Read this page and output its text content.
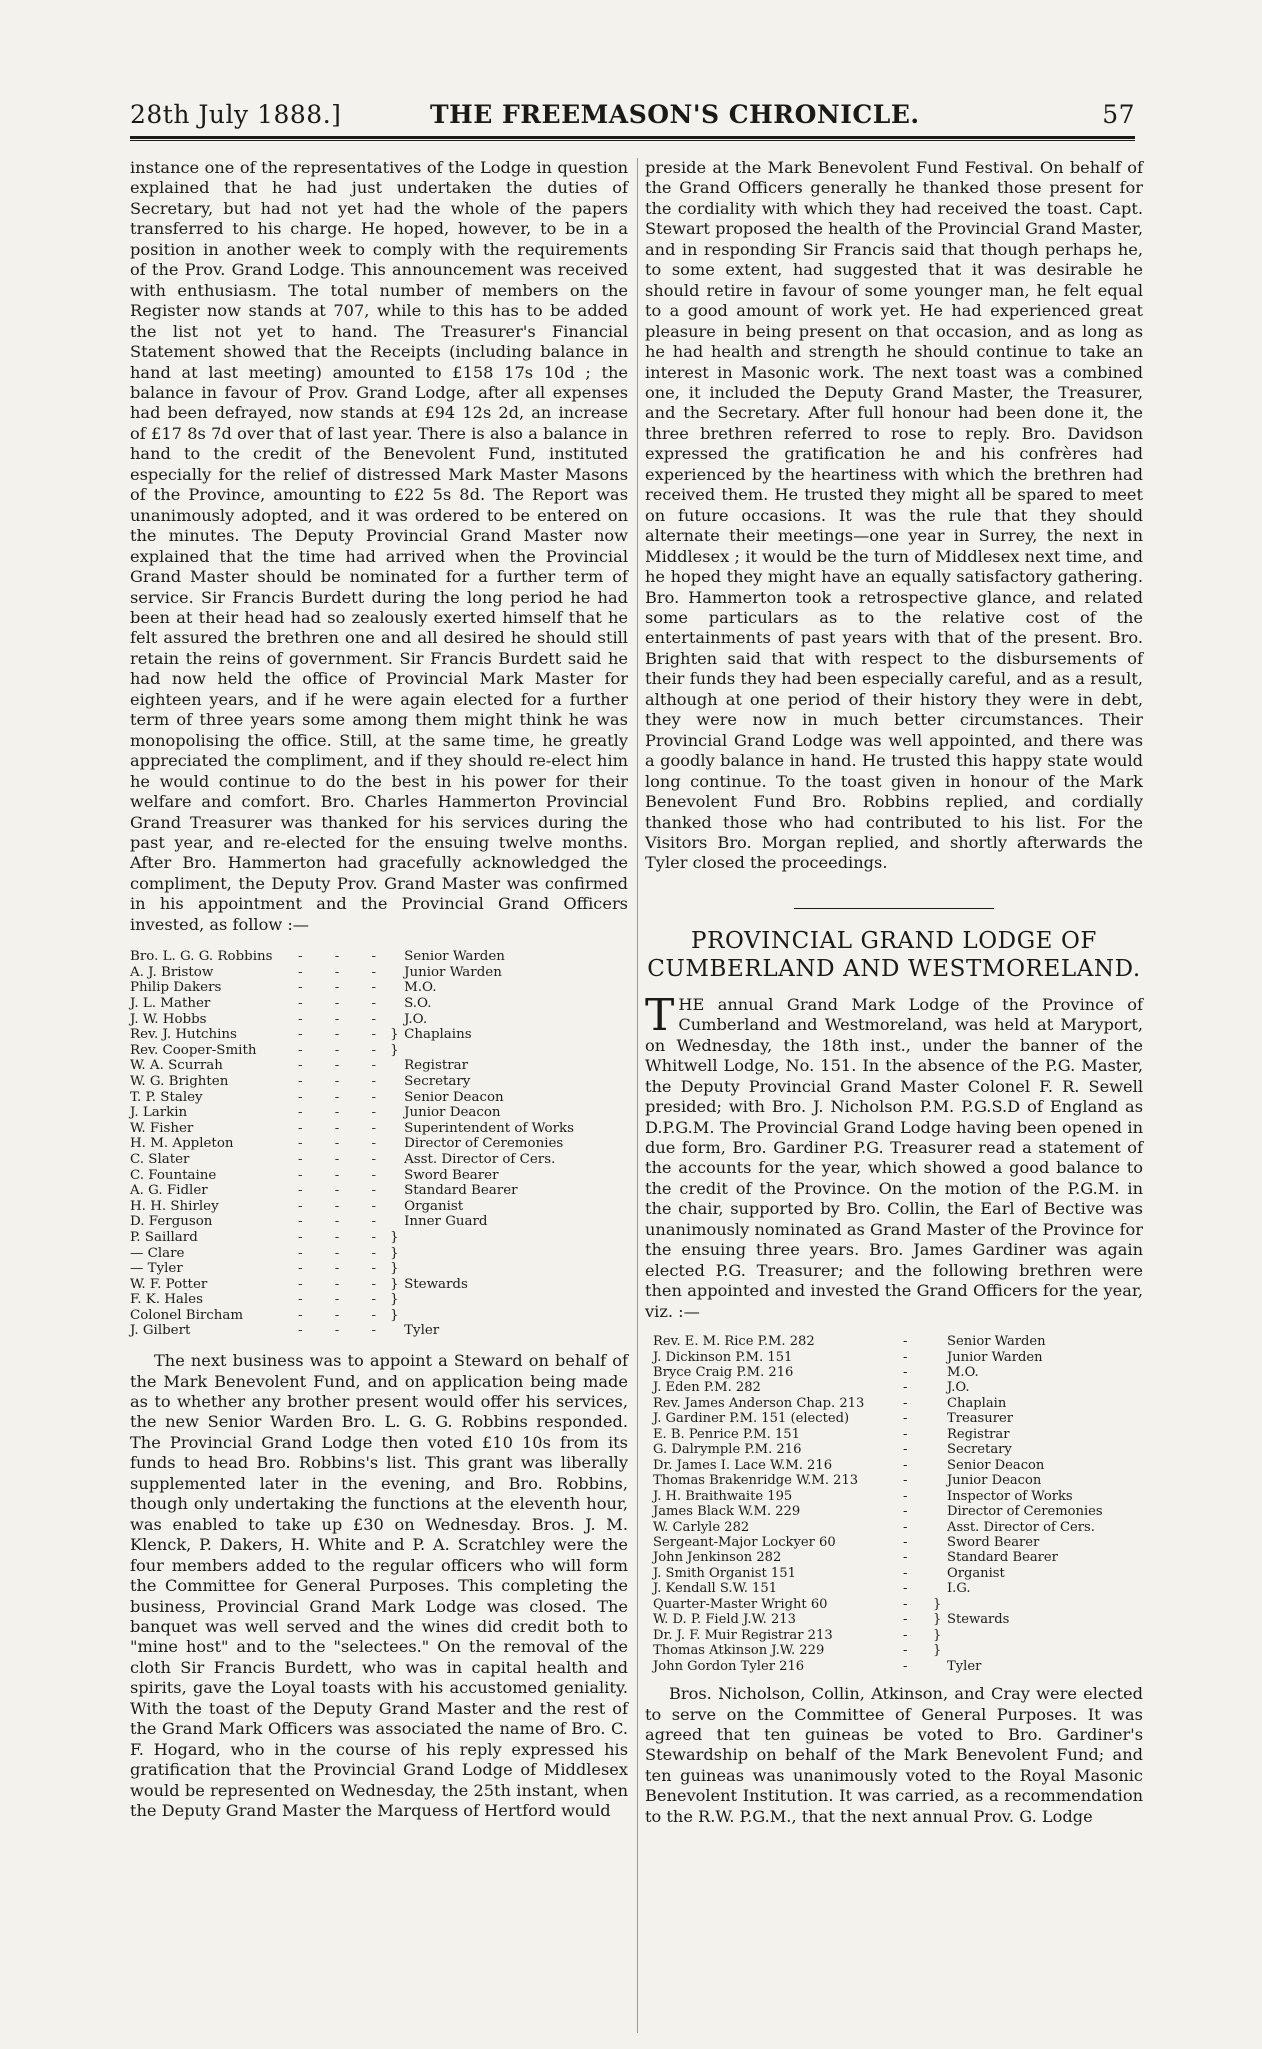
28th July 1888.]	THE FREEMASON'S CHRONICLE.	57

instance one of the representatives of the Lodge in question explained that he had just undertaken the duties of Secretary, but had not yet had the whole of the papers transferred to his charge. He hoped, however, to be in a position in another week to comply with the requirements of the Prov. Grand Lodge. This announcement was received with enthusiasm. The total number of members on the Register now stands at 707, while to this has to be added the list not yet to hand. The Treasurer's Financial Statement showed that the Receipts (including balance in hand at last meeting) amounted to £158 17s 10d ; the balance in favour of Prov. Grand Lodge, after all expenses had been defrayed, now stands at £94 12s 2d, an increase of £17 8s 7d over that of last year. There is also a balance in hand to the credit of the Benevolent Fund, instituted especially for the relief of distressed Mark Master Masons of the Province, amounting to £22 5s 8d. The Report was unanimously adopted, and it was ordered to be entered on the minutes. The Deputy Provincial Grand Master now explained that the time had arrived when the Provincial Grand Master should be nominated for a further term of service. Sir Francis Burdett during the long period he had been at their head had so zealously exerted himself that he felt assured the brethren one and all desired he should still retain the reins of government. Sir Francis Burdett said he had now held the office of Provincial Mark Master for eighteen years, and if he were again elected for a further term of three years some among them might think he was monopolising the office. Still, at the same time, he greatly appreciated the compliment, and if they should re-elect him he would continue to do the best in his power for their welfare and comfort. Bro. Charles Hammerton Provincial Grand Treasurer was thanked for his services during the past year, and re-elected for the ensuing twelve months. After Bro. Hammerton had gracefully acknowledged the compliment, the Deputy Prov. Grand Master was confirmed in his appointment and the Provincial Grand Officers invested, as follow :—

Bro. L. G. G. Robbins	- - -		Senior Warden
A. J. Bristow	- - -		Junior Warden
Philip Dakers	- - -		M.O.
J. L. Mather	- - -		S.O.
J. W. Hobbs	- - -		J.O.
Rev. J. Hutchins	- - -	}	Chaplains
Rev. Cooper-Smith	- - -	}	
W. A. Scurrah	- - -		Registrar
W. G. Brighten	- - -		Secretary
T. P. Staley	- - -		Senior Deacon
J. Larkin	- - -		Junior Deacon
W. Fisher	- - -		Superintendent of Works
H. M. Appleton	- - -		Director of Ceremonies
C. Slater	- - -		Asst. Director of Cers.
C. Fountaine	- - -		Sword Bearer
A. G. Fidler	- - -		Standard Bearer
H. H. Shirley	- - -		Organist
D. Ferguson	- - -		Inner Guard
P. Saillard	- - -	}	
— Clare	- - -	}	
— Tyler	- - -	}	
W. F. Potter	- - -	}	Stewards
F. K. Hales	- - -	}	
Colonel Bircham	- - -	}	
J. Gilbert	- - -		Tyler

The next business was to appoint a Steward on behalf of the Mark Benevolent Fund, and on application being made as to whether any brother present would offer his services, the new Senior Warden Bro. L. G. G. Robbins responded. The Provincial Grand Lodge then voted £10 10s from its funds to head Bro. Robbins's list. This grant was liberally supplemented later in the evening, and Bro. Robbins, though only undertaking the functions at the eleventh hour, was enabled to take up £30 on Wednesday. Bros. J. M. Klenck, P. Dakers, H. White and P. A. Scratchley were the four members added to the regular officers who will form the Committee for General Purposes. This completing the business, Provincial Grand Mark Lodge was closed. The banquet was well served and the wines did credit both to "mine host" and to the "selectees." On the removal of the cloth Sir Francis Burdett, who was in capital health and spirits, gave the Loyal toasts with his accustomed geniality. With the toast of the Deputy Grand Master and the rest of the Grand Mark Officers was associated the name of Bro. C. F. Hogard, who in the course of his reply expressed his gratification that the Provincial Grand Lodge of Middlesex would be represented on Wednesday, the 25th instant, when the Deputy Grand Master the Marquess of Hertford would

preside at the Mark Benevolent Fund Festival. On behalf of the Grand Officers generally he thanked those present for the cordiality with which they had received the toast. Capt. Stewart proposed the health of the Provincial Grand Master, and in responding Sir Francis said that though perhaps he, to some extent, had suggested that it was desirable he should retire in favour of some younger man, he felt equal to a good amount of work yet. He had experienced great pleasure in being present on that occasion, and as long as he had health and strength he should continue to take an interest in Masonic work. The next toast was a combined one, it included the Deputy Grand Master, the Treasurer, and the Secretary. After full honour had been done it, the three brethren referred to rose to reply. Bro. Davidson expressed the gratification he and his confrères had experienced by the heartiness with which the brethren had received them. He trusted they might all be spared to meet on future occasions. It was the rule that they should alternate their meetings—one year in Surrey, the next in Middlesex ; it would be the turn of Middlesex next time, and he hoped they might have an equally satisfactory gathering. Bro. Hammerton took a retrospective glance, and related some particulars as to the relative cost of the entertainments of past years with that of the present. Bro. Brighten said that with respect to the disbursements of their funds they had been especially careful, and as a result, although at one period of their history they were in debt, they were now in much better circumstances. Their Provincial Grand Lodge was well appointed, and there was a goodly balance in hand. He trusted this happy state would long continue. To the toast given in honour of the Mark Benevolent Fund Bro. Robbins replied, and cordially thanked those who had contributed to his list. For the Visitors Bro. Morgan replied, and shortly afterwards the Tyler closed the proceedings.

PROVINCIAL GRAND LODGE OF CUMBERLAND AND WESTMORELAND.

THE annual Grand Mark Lodge of the Province of Cumberland and Westmoreland, was held at Maryport, on Wednesday, the 18th inst., under the banner of the Whitwell Lodge, No. 151. In the absence of the P.G. Master, the Deputy Provincial Grand Master Colonel F. R. Sewell presided; with Bro. J. Nicholson P.M. P.G.S.D of England as D.P.G.M. The Provincial Grand Lodge having been opened in due form, Bro. Gardiner P.G. Treasurer read a statement of the accounts for the year, which showed a good balance to the credit of the Province. On the motion of the P.G.M. in the chair, supported by Bro. Collin, the Earl of Bective was unanimously nominated as Grand Master of the Province for the ensuing three years. Bro. James Gardiner was again elected P.G. Treasurer; and the following brethren were then appointed and invested the Grand Officers for the year, viz. :—

Rev. E. M. Rice P.M. 282	-		Senior Warden
J. Dickinson P.M. 151	-		Junior Warden
Bryce Craig P.M. 216	-		M.O.
J. Eden P.M. 282	-		J.O.
Rev. James Anderson Chap. 213	-		Chaplain
J. Gardiner P.M. 151 (elected)	-		Treasurer
E. B. Penrice P.M. 151	-		Registrar
G. Dalrymple P.M. 216	-		Secretary
Dr. James I. Lace W.M. 216	-		Senior Deacon
Thomas Brakenridge W.M. 213	-		Junior Deacon
J. H. Braithwaite 195	-		Inspector of Works
James Black W.M. 229	-		Director of Ceremonies
W. Carlyle 282	-		Asst. Director of Cers.
Sergeant-Major Lockyer 60	-		Sword Bearer
John Jenkinson 282	-		Standard Bearer
J. Smith Organist 151	-		Organist
J. Kendall S.W. 151	-		I.G.
Quarter-Master Wright 60	-	}	
W. D. P. Field J.W. 213	-	}	Stewards
Dr. J. F. Muir Registrar 213	-	}	
Thomas Atkinson J.W. 229	-	}	
John Gordon Tyler 216	-		Tyler

Bros. Nicholson, Collin, Atkinson, and Cray were elected to serve on the Committee of General Purposes. It was agreed that ten guineas be voted to Bro. Gardiner's Stewardship on behalf of the Mark Benevolent Fund; and ten guineas was unanimously voted to the Royal Masonic Benevolent Institution. It was carried, as a recommendation to the R.W. P.G.M., that the next annual Prov. G. Lodge
